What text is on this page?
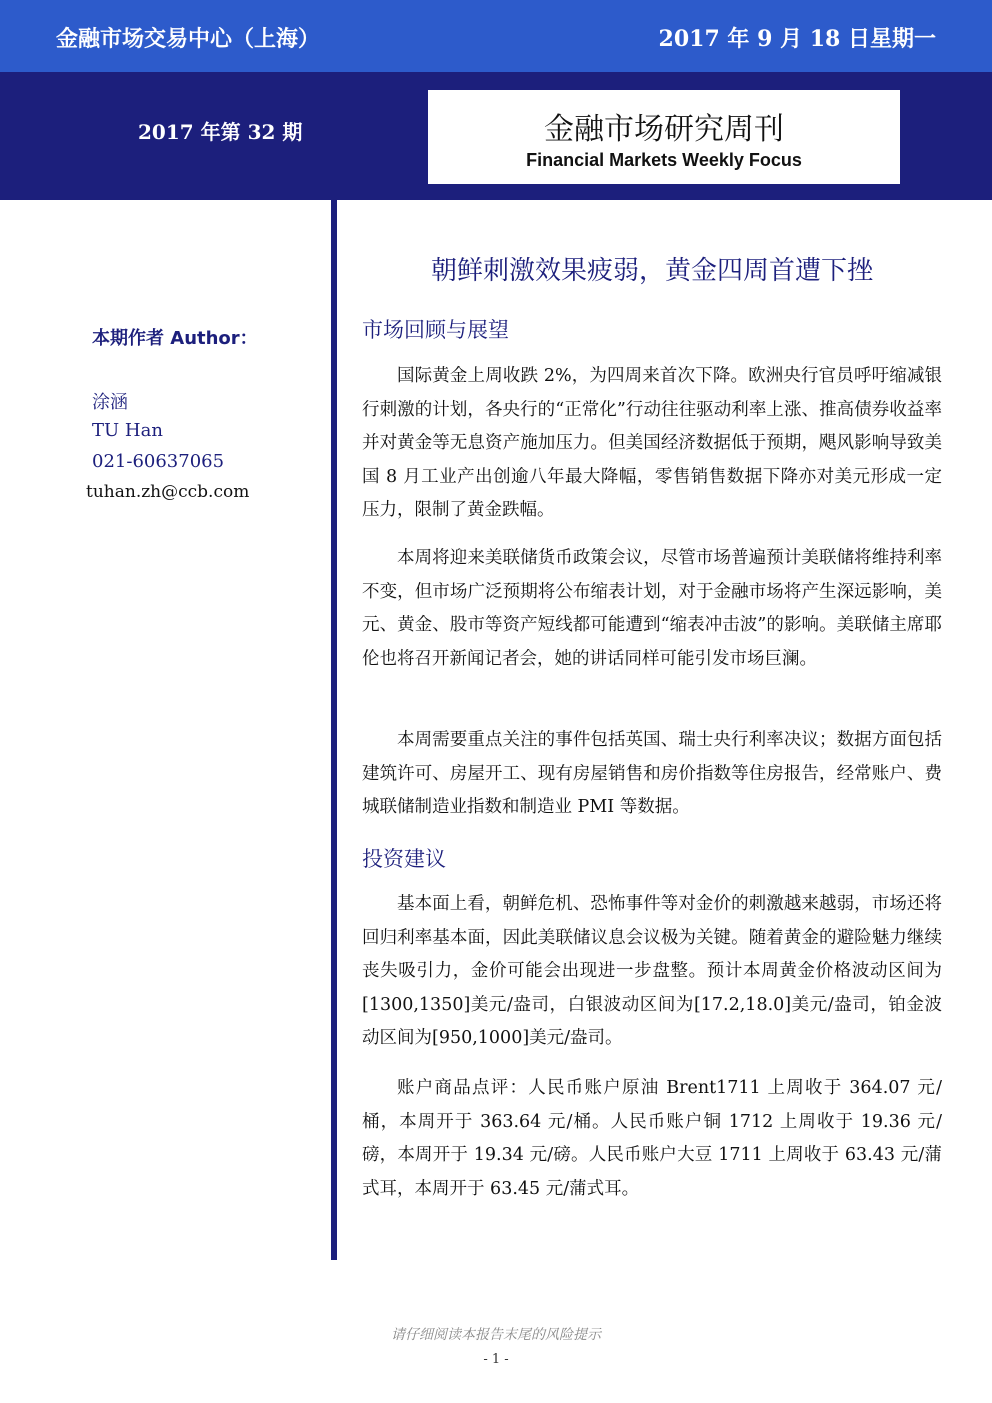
金融市场交易中心（上海）	2017 年 9 月 18 日星期一
2017 年第 32 期	金融市场研究周刊
Financial Markets Weekly Focus
本期作者 Author：
涂涵
TU Han
021-60637065
tuhan.zh@ccb.com
朝鲜刺激效果疲弱，黄金四周首遭下挫
市场回顾与展望

国际黄金上周收跌 2%，为四周来首次下降。欧洲央行官员呼吁缩减银行刺激的计划，各央行的“正常化”行动往往驱动利率上涨、推高债券收益率并对黄金等无息资产施加压力。但美国经济数据低于预期，飓风影响导致美国 8 月工业产出创逾八年最大降幅，零售销售数据下降亦对美元形成一定压力，限制了黄金跌幅。

本周将迎来美联储货币政策会议，尽管市场普遍预计美联储将维持利率不变，但市场广泛预期将公布缩表计划，对于金融市场将产生深远影响，美元、黄金、股市等资产短线都可能遭到“缩表冲击波”的影响。美联储主席耶伦也将召开新闻记者会，她的讲话同样可能引发市场巨澜。

本周需要重点关注的事件包括英国、瑞士央行利率决议；数据方面包括建筑许可、房屋开工、现有房屋销售和房价指数等住房报告，经常账户、费城联储制造业指数和制造业 PMI 等数据。

投资建议

基本面上看，朝鲜危机、恐怖事件等对金价的刺激越来越弱，市场还将回归利率基本面，因此美联储议息会议极为关键。随着黄金的避险魅力继续丧失吸引力，金价可能会出现进一步盘整。预计本周黄金价格波动区间为[1300,1350]美元/盎司，白银波动区间为[17.2,18.0]美元/盎司，铂金波动区间为[950,1000]美元/盎司。

账户商品点评：人民币账户原油 Brent1711 上周收于 364.07 元/桶，本周开于 363.64 元/桶。人民币账户铜 1712 上周收于 19.36 元/磅，本周开于 19.34 元/磅。人民币账户大豆 1711 上周收于 63.43 元/蒲式耳，本周开于 63.45 元/蒲式耳。

请仔细阅读本报告末尾的风险提示
- 1 -
